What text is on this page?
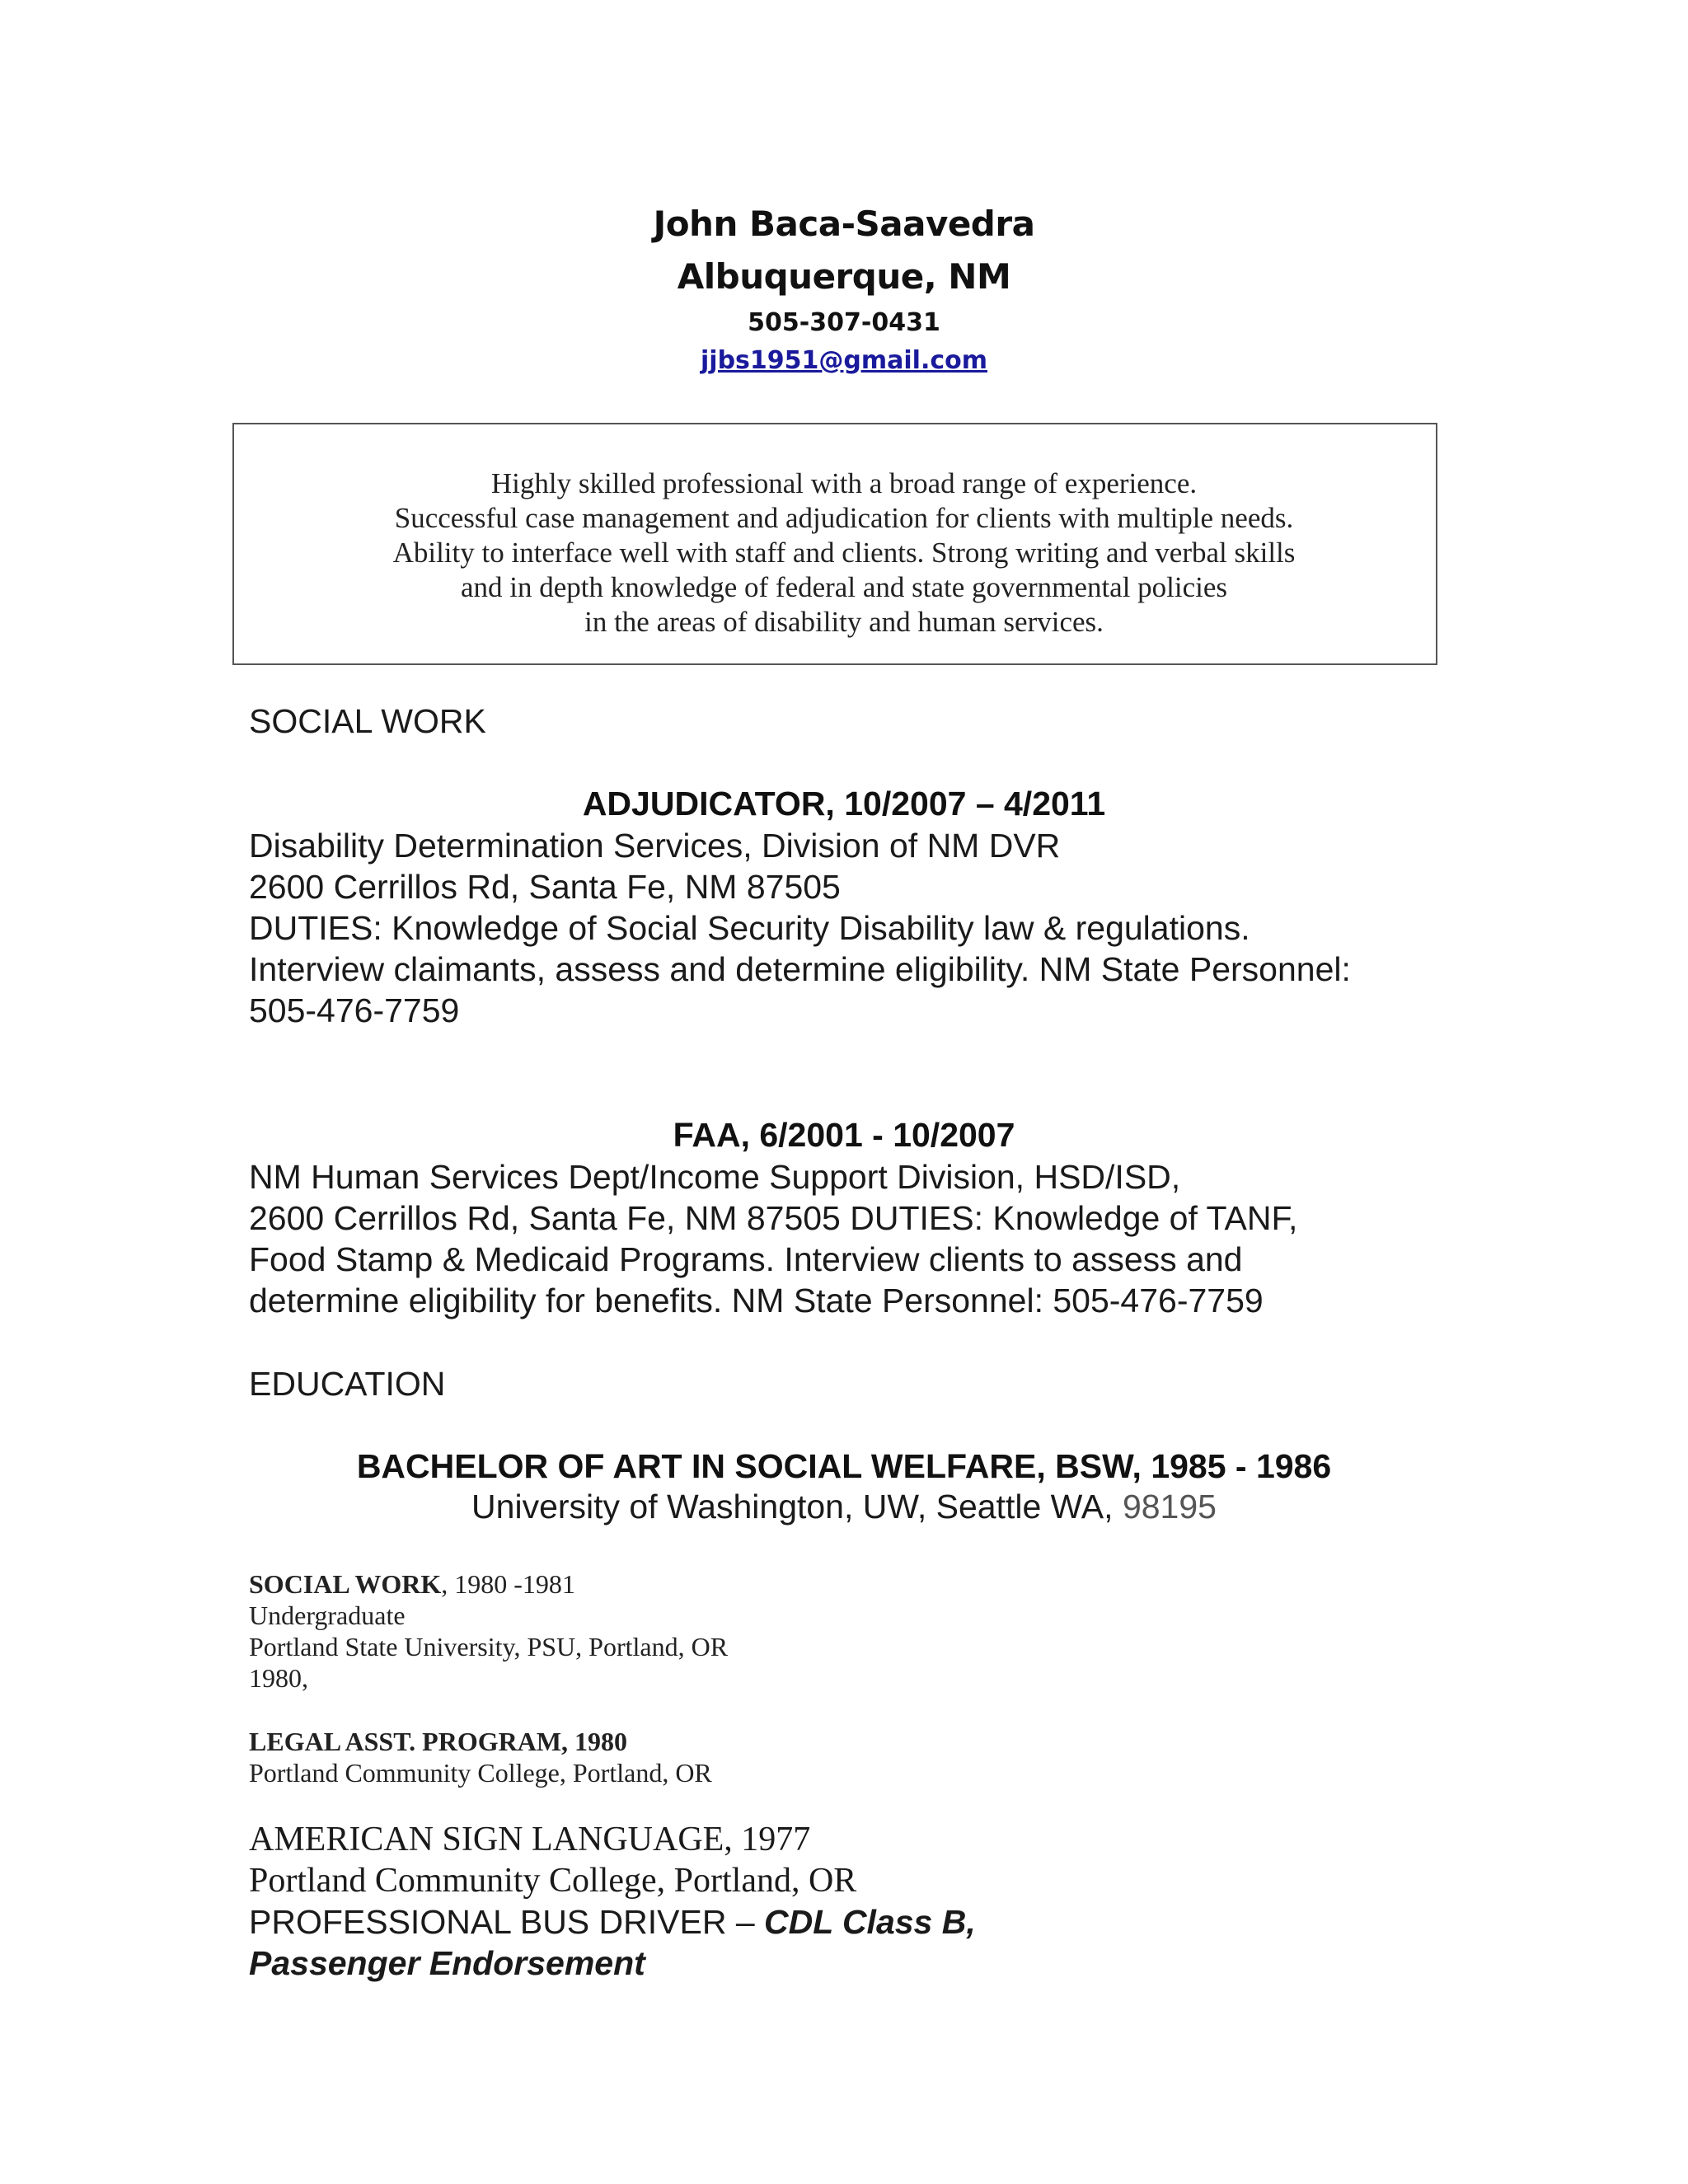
John Baca-Saavedra
Albuquerque, NM
505-307-0431
jjbs1951@gmail.com
Highly skilled professional with a broad range of experience.
Successful case management and adjudication for clients with multiple needs.
Ability to interface well with staff and clients. Strong writing and verbal skills
and in depth knowledge of federal and state governmental policies
in the areas of disability and human services.
SOCIAL WORK
ADJUDICATOR, 10/2007 – 4/2011
Disability Determination Services, Division of NM DVR
2600 Cerrillos Rd, Santa Fe, NM 87505
DUTIES: Knowledge of Social Security Disability law & regulations.
Interview claimants, assess and determine eligibility. NM State Personnel:
505-476-7759
FAA, 6/2001 - 10/2007
NM Human Services Dept/Income Support Division, HSD/ISD,
2600 Cerrillos Rd, Santa Fe, NM 87505 DUTIES: Knowledge of TANF,
Food Stamp & Medicaid Programs. Interview clients to assess and
determine eligibility for benefits. NM State Personnel: 505-476-7759
EDUCATION
BACHELOR OF ART IN SOCIAL WELFARE, BSW, 1985 - 1986
University of Washington, UW, Seattle WA, 98195
SOCIAL WORK, 1980 -1981
Undergraduate
Portland State University, PSU, Portland, OR
1980,
LEGAL ASST. PROGRAM, 1980
Portland Community College, Portland, OR
AMERICAN SIGN LANGUAGE, 1977
Portland Community College, Portland, OR
PROFESSIONAL BUS DRIVER – CDL Class B,
Passenger Endorsement
